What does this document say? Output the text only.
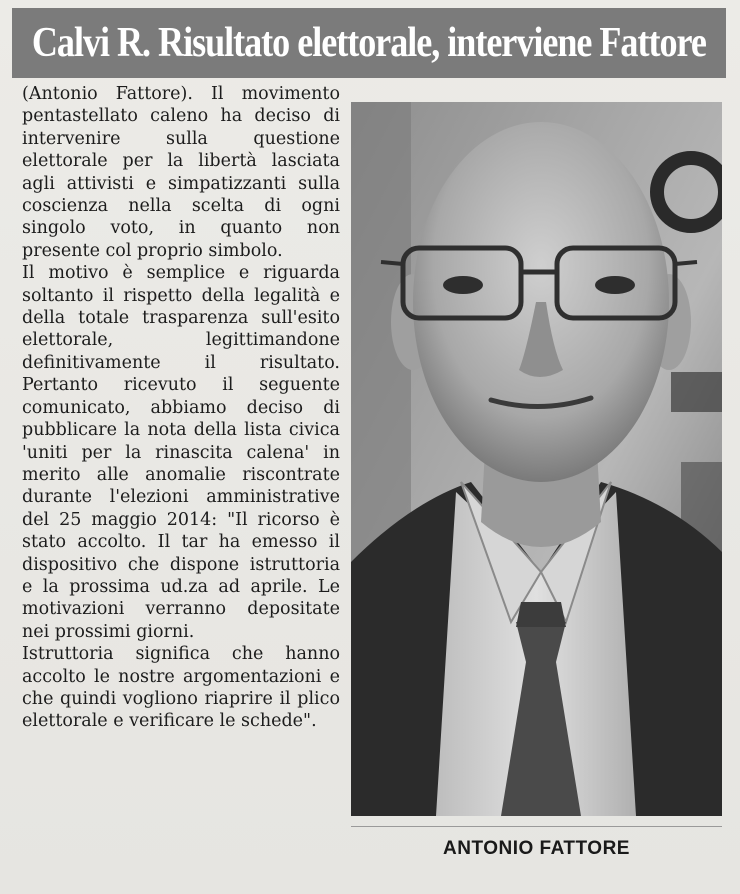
Calvi R. Risultato elettorale, interviene Fattore

(Antonio Fattore). Il movimento pentastellato caleno ha deciso di intervenire sulla questione elettorale per la libertà lasciata agli attivisti e simpatizzanti sulla coscienza nella scelta di ogni singolo voto, in quanto non presente col proprio simbolo.

Il motivo è semplice e riguarda soltanto il rispetto della legalità e della totale trasparenza sull'esito elettorale, legittimandone definitivamente il risultato. Pertanto ricevuto il seguente comunicato, abbiamo deciso di pubblicare la nota della lista civica 'uniti per la rinascita calena' in merito alle anomalie riscontrate durante l'elezioni amministrative del 25 maggio 2014: "Il ricorso è stato accolto. Il tar ha emesso il dispositivo che dispone istruttoria e la prossima ud.za ad aprile. Le motivazioni verranno depositate nei prossimi giorni.

Istruttoria significa che hanno accolto le nostre argomentazioni e che quindi vogliono riaprire il plico elettorale e verificare le schede".

ANTONIO FATTORE
